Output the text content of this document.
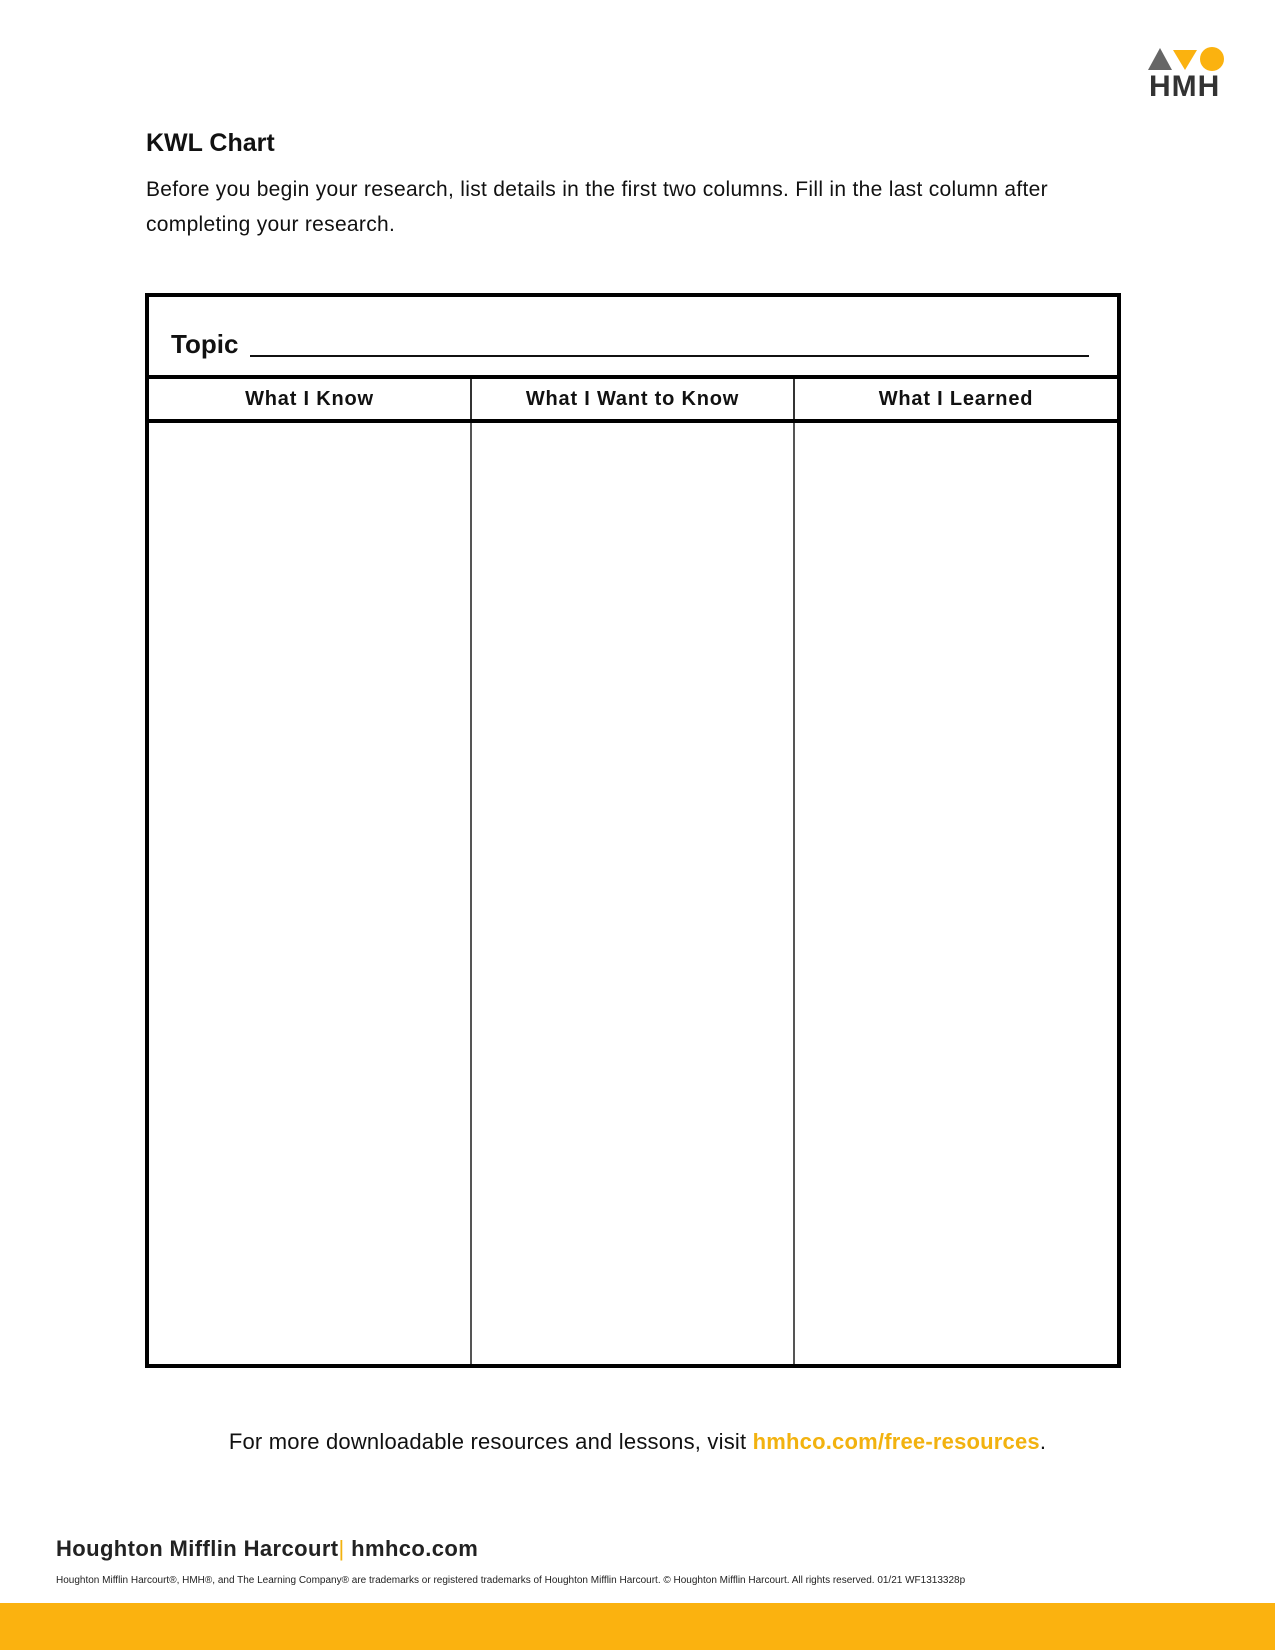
HMH
KWL Chart

Before you begin your research, list details in the first two columns. Fill in the last column after completing your research.

Topic
What I Know	What I Want to Know	What I Learned
For more downloadable resources and lessons, visit hmhco.com/free-resources.
Houghton Mifflin Harcourt| hmhco.com
Houghton Mifflin Harcourt®, HMH®, and The Learning Company® are trademarks or registered trademarks of Houghton Mifflin Harcourt. © Houghton Mifflin Harcourt. All rights reserved. 01/21 WF1313328p
